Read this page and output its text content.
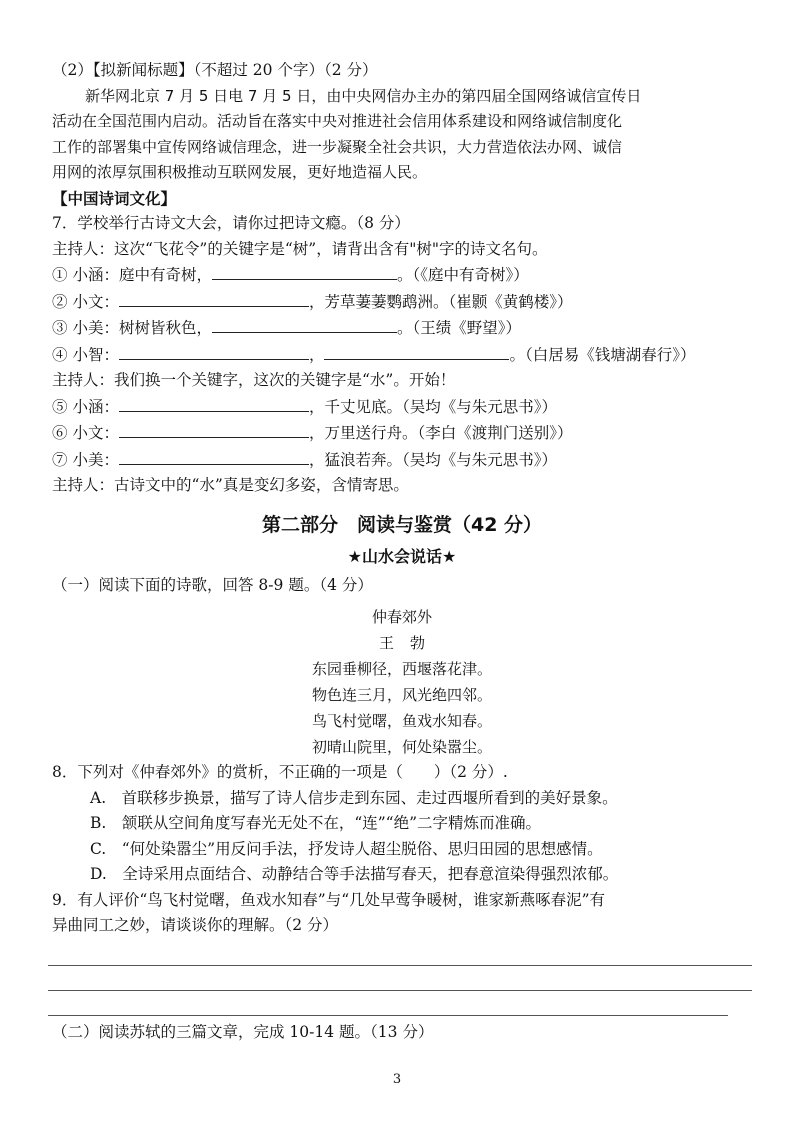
（2）【拟新闻标题】（不超过 20 个字）（2 分）

新华网北京 7 月 5 日电 7 月 5 日，由中央网信办主办的第四届全国网络诚信宣传日

活动在全国范围内启动。活动旨在落实中央对推进社会信用体系建设和网络诚信制度化

工作的部署集中宣传网络诚信理念，进一步凝聚全社会共识，大力营造依法办网、诚信

用网的浓厚氛围积极推动互联网发展，更好地造福人民。

【中国诗词文化】
7．学校举行古诗文大会，请你过把诗文瘾。（8 分）
主持人：这次“飞花令”的关键字是“树”，请背出含有"树"字的诗文名句。
① 小涵：庭中有奇树，	。（《庭中有奇树》）
② 小文：	，芳草萋萋鹦鹉洲。（崔颢《黄鹤楼》）
③ 小美：树树皆秋色，	。（王绩《野望》）
④ 小智：	，	。（白居易《钱塘湖春行》）
主持人：我们换一个关键字，这次的关键字是“水”。开始！
⑤ 小涵：	，千丈见底。（吴均《与朱元思书》）
⑥ 小文：	，万里送行舟。（李白《渡荆门送别》）
⑦ 小美：	，猛浪若奔。（吴均《与朱元思书》）
主持人：古诗文中的“水”真是变幻多姿，含情寄思。
第二部分　阅读与鉴赏（42 分）
★山水会说话★
（一）阅读下面的诗歌，回答 8-9 题。（4 分）
仲春郊外
王 勃
东园垂柳径，西堰落花津。
物色连三月，风光绝四邻。
鸟飞村觉曙，鱼戏水知春。
初晴山院里，何处染嚣尘。
8．下列对《仲春郊外》的赏析，不正确的一项是（　　）（2 分）.
A.　首联移步换景，描写了诗人信步走到东园、走过西堰所看到的美好景象。
B.　颔联从空间角度写春光无处不在，“连”“绝”二字精炼而准确。
C.　“何处染嚣尘”用反问手法，抒发诗人超尘脱俗、思归田园的思想感情。
D.　全诗采用点面结合、动静结合等手法描写春天，把春意渲染得强烈浓郁。
9．有人评价“鸟飞村觉曙，鱼戏水知春”与“几处早莺争暖树，谁家新燕啄春泥”有
异曲同工之妙，请谈谈你的理解。（2 分）
（二）阅读苏轼的三篇文章，完成 10-14 题。（13 分）
3
